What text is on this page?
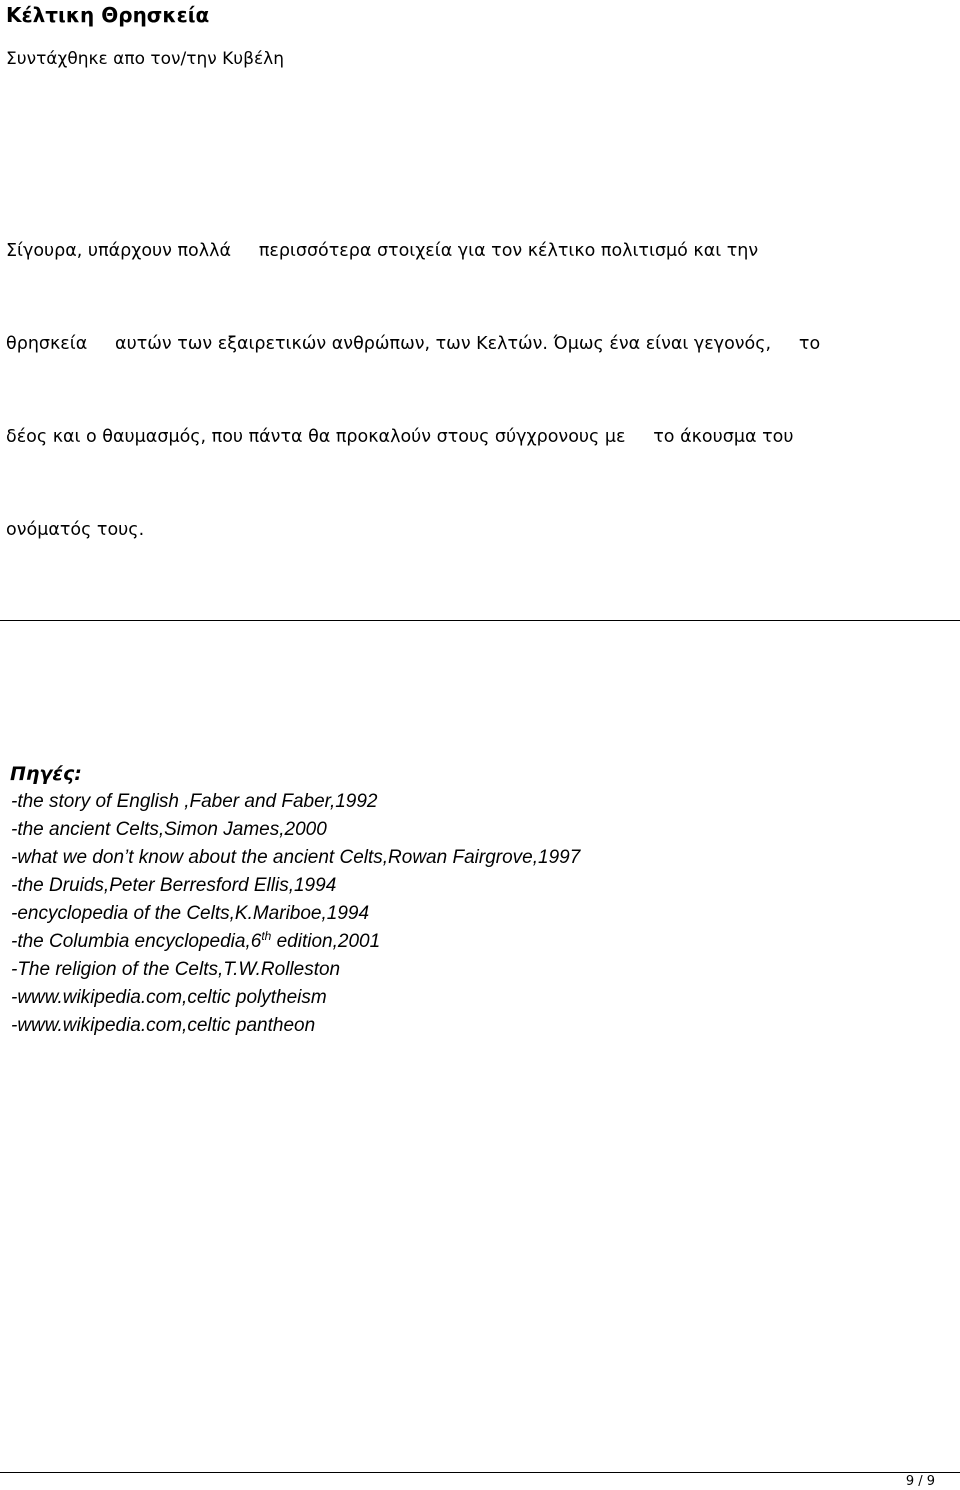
Κέλτικη Θρησκεία
Συντάχθηκε απο τον/την Κυβέλη

Σίγουρα, υπάρχουν πολλά     περισσότερα στοιχεία για τον κέλτικο πολιτισμό και την

θρησκεία     αυτών των εξαιρετικών ανθρώπων, των Κελτών. Όμως ένα είναι γεγονός,     το

δέος και ο θαυμασμός, που πάντα θα προκαλούν στους σύγχρονους με     το άκουσμα του

ονόματός τους.

Πηγές:
-the story of English ,Faber and Faber,1992
-the ancient Celts,Simon James,2000
-what we don’t know about the ancient Celts,Rowan Fairgrove,1997
-the Druids,Peter Berresford Ellis,1994
-encyclopedia of the Celts,K.Mariboe,1994
-the Columbia encyclopedia,6th edition,2001
-The religion of the Celts,T.W.Rolleston
-www.wikipedia.com,celtic polytheism
-www.wikipedia.com,celtic pantheon
9 / 9
